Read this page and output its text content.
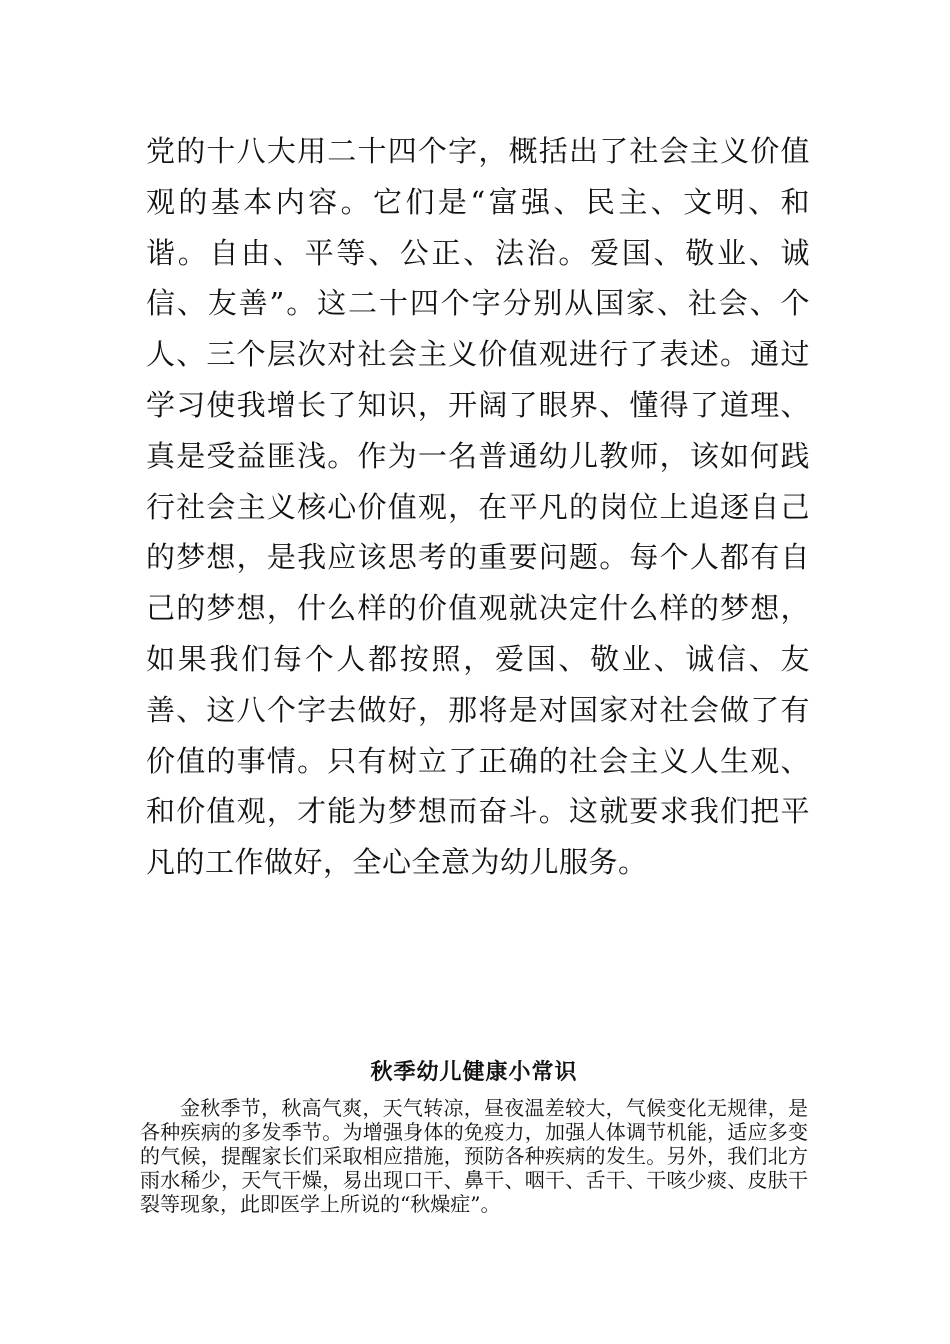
党的十八大用二十四个字，概括出了社会主义价值观的基本内容。它们是“富强、民主、文明、和谐。自由、平等、公正、法治。爱国、敬业、诚信、友善”。这二十四个字分别从国家、社会、个人、三个层次对社会主义价值观进行了表述。通过学习使我增长了知识，开阔了眼界、懂得了道理、真是受益匪浅。作为一名普通幼儿教师，该如何践行社会主义核心价值观，在平凡的岗位上追逐自己的梦想，是我应该思考的重要问题。每个人都有自己的梦想，什么样的价值观就决定什么样的梦想，如果我们每个人都按照，爱国、敬业、诚信、友善、这八个字去做好，那将是对国家对社会做了有价值的事情。只有树立了正确的社会主义人生观、和价值观，才能为梦想而奋斗。这就要求我们把平凡的工作做好，全心全意为幼儿服务。

秋季幼儿健康小常识

金秋季节，秋高气爽，天气转凉，昼夜温差较大，气候变化无规律，是各种疾病的多发季节。为增强身体的免疫力，加强人体调节机能，适应多变的气候，提醒家长们采取相应措施，预防各种疾病的发生。另外，我们北方雨水稀少，天气干燥，易出现口干、鼻干、咽干、舌干、干咳少痰、皮肤干裂等现象，此即医学上所说的“秋燥症”。
